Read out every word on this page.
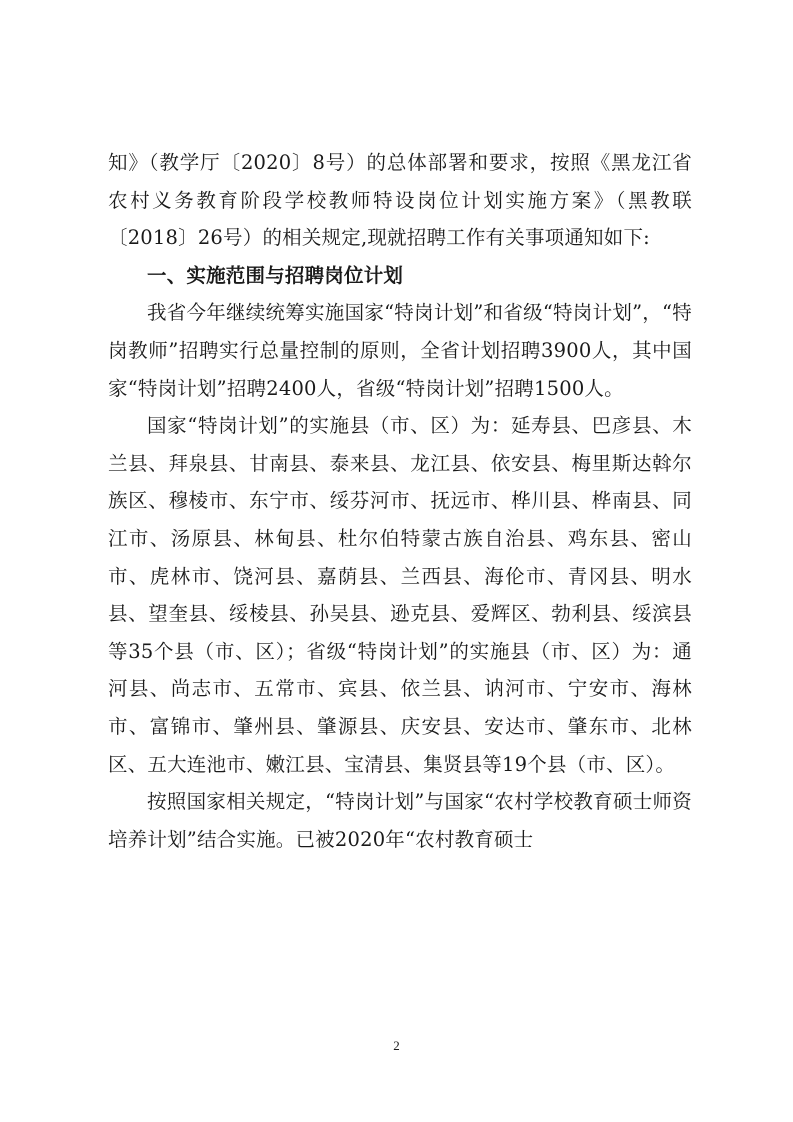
知》（教学厅〔2020〕8号）的总体部署和要求，按照《黑龙江省农村义务教育阶段学校教师特设岗位计划实施方案》（黑教联〔2018〕26号）的相关规定,现就招聘工作有关事项通知如下:

一、实施范围与招聘岗位计划

我省今年继续统筹实施国家“特岗计划”和省级“特岗计划”，“特岗教师”招聘实行总量控制的原则，全省计划招聘3900人，其中国家“特岗计划”招聘2400人，省级“特岗计划”招聘1500人。

国家“特岗计划”的实施县（市、区）为：延寿县、巴彦县、木兰县、拜泉县、甘南县、泰来县、龙江县、依安县、梅里斯达斡尔族区、穆棱市、东宁市、绥芬河市、抚远市、桦川县、桦南县、同江市、汤原县、林甸县、杜尔伯特蒙古族自治县、鸡东县、密山市、虎林市、饶河县、嘉荫县、兰西县、海伦市、青冈县、明水县、望奎县、绥棱县、孙吴县、逊克县、爱辉区、勃利县、绥滨县等35个县（市、区）；省级“特岗计划”的实施县（市、区）为：通河县、尚志市、五常市、宾县、依兰县、讷河市、宁安市、海林市、富锦市、肇州县、肇源县、庆安县、安达市、肇东市、北林区、五大连池市、嫩江县、宝清县、集贤县等19个县（市、区）。

按照国家相关规定，“特岗计划”与国家“农村学校教育硕士师资培养计划”结合实施。已被2020年“农村教育硕士

2
